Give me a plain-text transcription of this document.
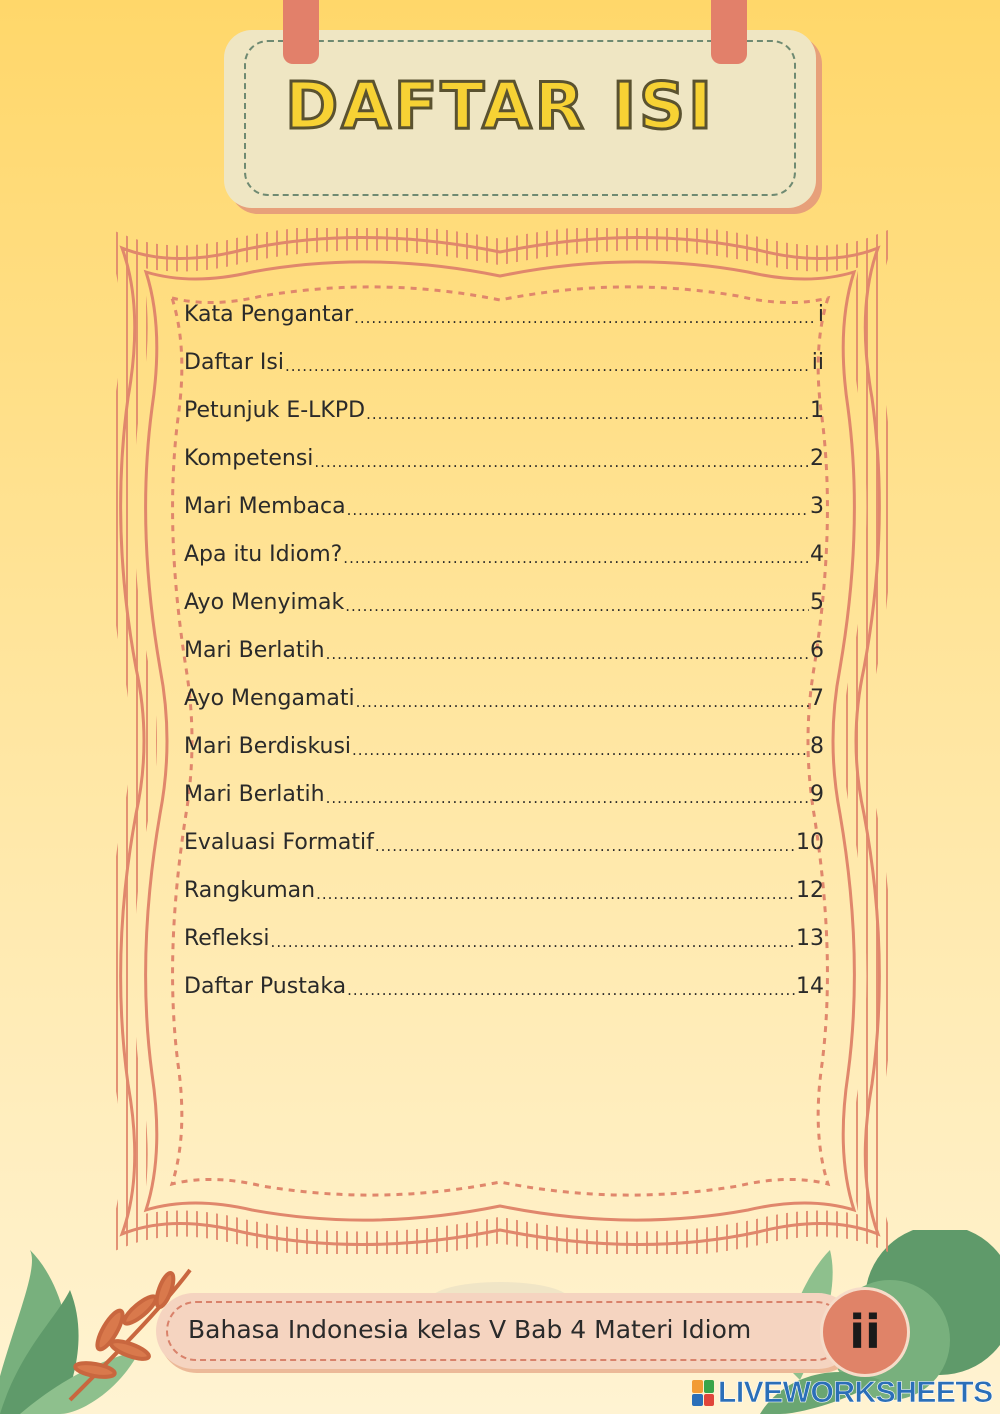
DAFTAR ISI
Kata Pengantar .....	i
Daftar Isi .....	ii
Petunjuk E-LKPD .....	1
Kompetensi .....	2
Mari Membaca .....	3
Apa itu Idiom? .....	4
Ayo Menyimak .....	5
Mari Berlatih .....	6
Ayo Mengamati .....	7
Mari Berdiskusi .....	8
Mari Berlatih .....	9
Evaluasi Formatif .....	10
Rangkuman .....	12
Refleksi .....	13
Daftar Pustaka .....	14
Bahasa Indonesia kelas V Bab 4 Materi Idiom	ii
LIVEWORKSHEETS
